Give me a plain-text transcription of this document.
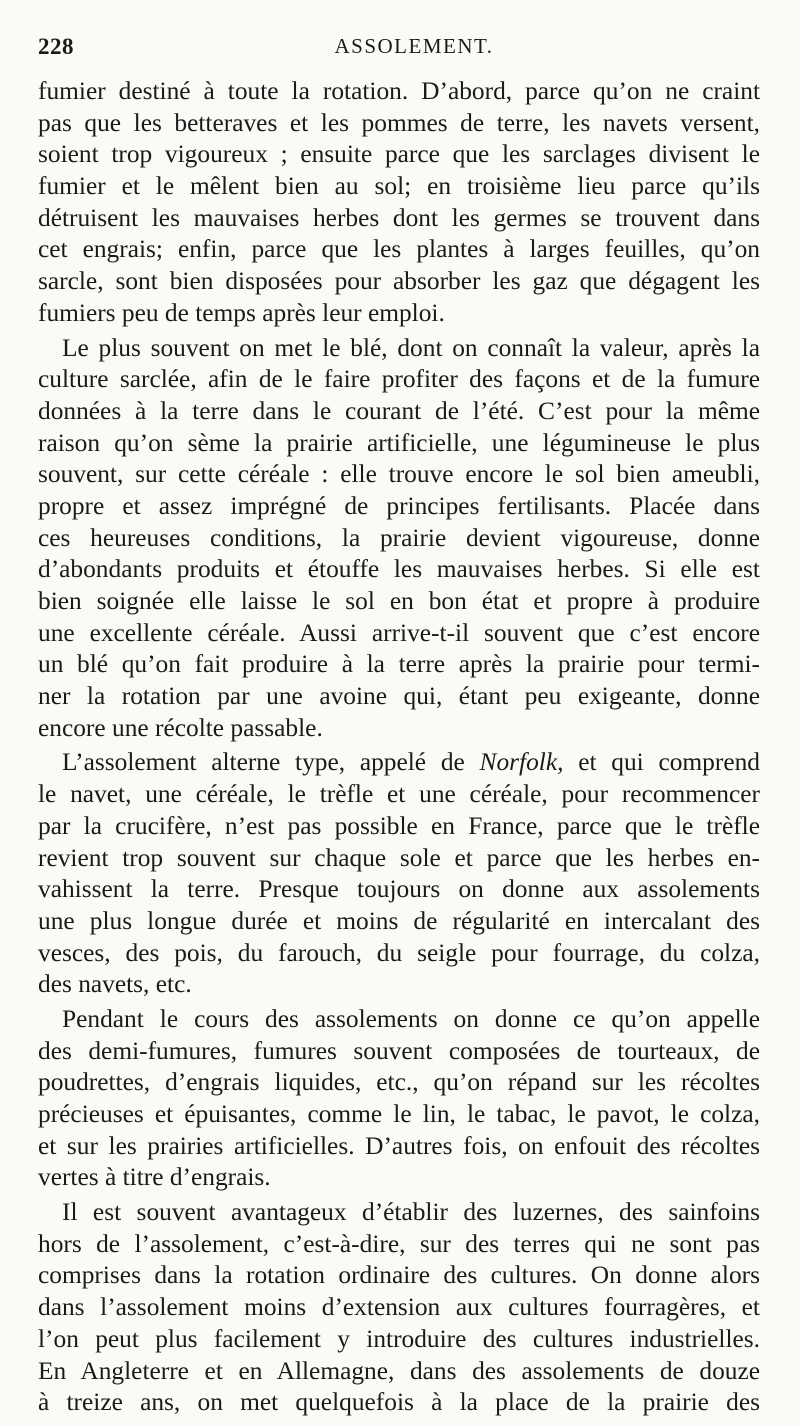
228	ASSOLEMENT.

fumier destiné à toute la rotation. D’abord, parce qu’on ne craint
pas que les betteraves et les pommes de terre, les navets versent,
soient trop vigoureux ; ensuite parce que les sarclages divisent le
fumier et le mêlent bien au sol; en troisième lieu parce qu’ils
détruisent les mauvaises herbes dont les germes se trouvent dans
cet engrais; enfin, parce que les plantes à larges feuilles, qu’on
sarcle, sont bien disposées pour absorber les gaz que dégagent les
fumiers peu de temps après leur emploi.

Le plus souvent on met le blé, dont on connaît la valeur, après la
culture sarclée, afin de le faire profiter des façons et de la fumure
données à la terre dans le courant de l’été. C’est pour la même
raison qu’on sème la prairie artificielle, une légumineuse le plus
souvent, sur cette céréale : elle trouve encore le sol bien ameubli,
propre et assez imprégné de principes fertilisants. Placée dans
ces heureuses conditions, la prairie devient vigoureuse, donne
d’abondants produits et étouffe les mauvaises herbes. Si elle est
bien soignée elle laisse le sol en bon état et propre à produire
une excellente céréale. Aussi arrive-t-il souvent que c’est encore
un blé qu’on fait produire à la terre après la prairie pour termi-
ner la rotation par une avoine qui, étant peu exigeante, donne
encore une récolte passable.

L’assolement alterne type, appelé de Norfolk, et qui comprend
le navet, une céréale, le trèfle et une céréale, pour recommencer
par la crucifère, n’est pas possible en France, parce que le trèfle
revient trop souvent sur chaque sole et parce que les herbes en-
vahissent la terre. Presque toujours on donne aux assolements
une plus longue durée et moins de régularité en intercalant des
vesces, des pois, du farouch, du seigle pour fourrage, du colza,
des navets, etc.

Pendant le cours des assolements on donne ce qu’on appelle
des demi-fumures, fumures souvent composées de tourteaux, de
poudrettes, d’engrais liquides, etc., qu’on répand sur les récoltes
précieuses et épuisantes, comme le lin, le tabac, le pavot, le colza,
et sur les prairies artificielles. D’autres fois, on enfouit des récoltes
vertes à titre d’engrais.

Il est souvent avantageux d’établir des luzernes, des sainfoins
hors de l’assolement, c’est-à-dire, sur des terres qui ne sont pas
comprises dans la rotation ordinaire des cultures. On donne alors
dans l’assolement moins d’extension aux cultures fourragères, et
l’on peut plus facilement y introduire des cultures industrielles.
En Angleterre et en Allemagne, dans des assolements de douze
à treize ans, on met quelquefois à la place de la prairie des
